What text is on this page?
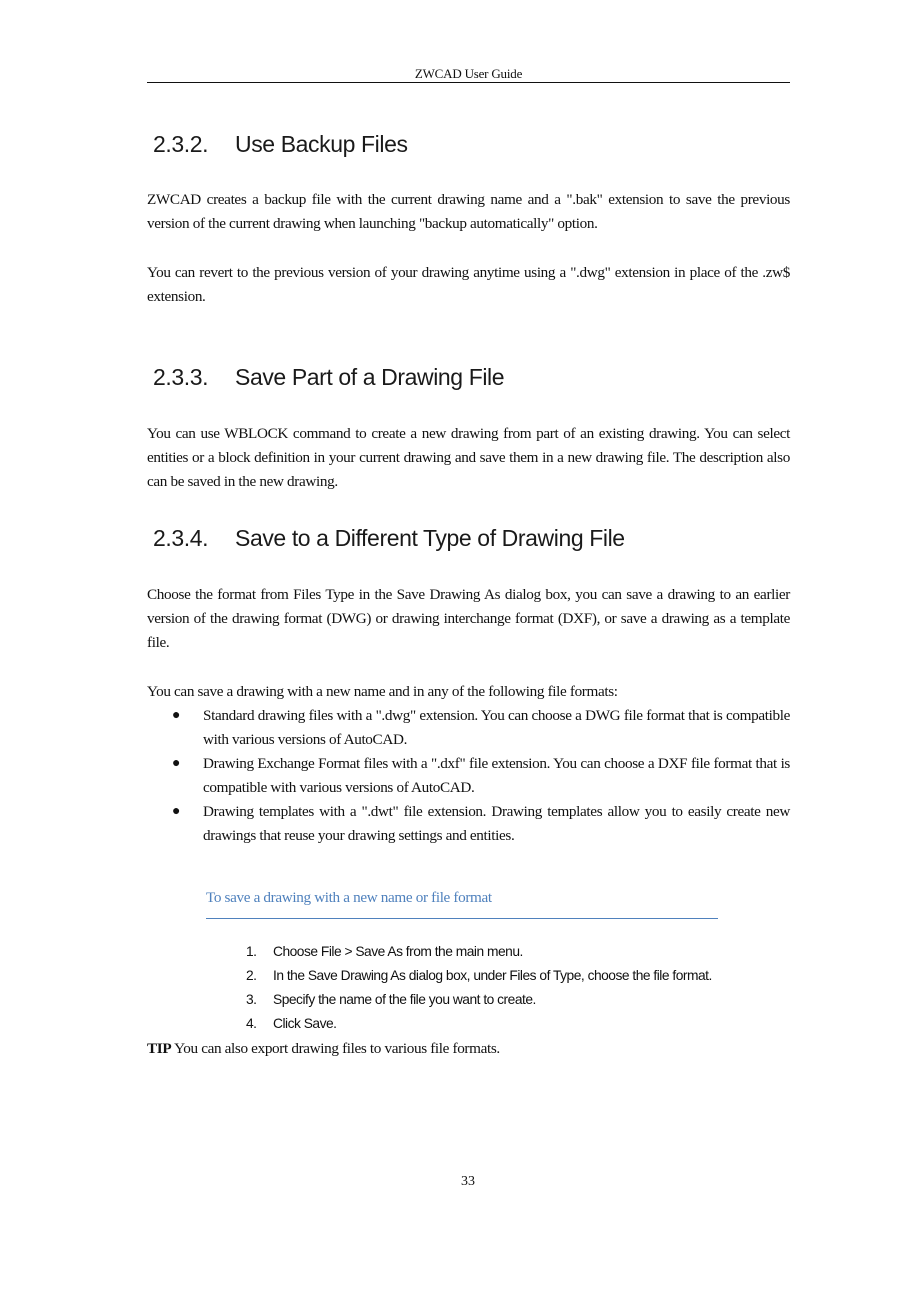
ZWCAD User Guide
2.3.2. Use Backup Files

ZWCAD creates a backup file with the current drawing name and a ".bak" extension to save the previous version of the current drawing when launching "backup automatically" option.

You can revert to the previous version of your drawing anytime using a ".dwg" extension in place of the .zw$ extension.

2.3.3. Save Part of a Drawing File

You can use WBLOCK command to create a new drawing from part of an existing drawing. You can select entities or a block definition in your current drawing and save them in a new drawing file. The description also can be saved in the new drawing.

2.3.4. Save to a Different Type of Drawing File

Choose the format from Files Type in the Save Drawing As dialog box, you can save a drawing to an earlier version of the drawing format (DWG) or drawing interchange format (DXF), or save a drawing as a template file.

You can save a drawing with a new name and in any of the following file formats:

● Standard drawing files with a ".dwg" extension. You can choose a DWG file format that is compatible with various versions of AutoCAD.
● Drawing Exchange Format files with a ".dxf" file extension. You can choose a DXF file format that is compatible with various versions of AutoCAD.
● Drawing templates with a ".dwt" file extension. Drawing templates allow you to easily create new drawings that reuse your drawing settings and entities.
To save a drawing with a new name or file format
1. Choose File > Save As from the main menu.
2. In the Save Drawing As dialog box, under Files of Type, choose the file format.
3. Specify the name of the file you want to create.
4. Click Save.
TIP You can also export drawing files to various file formats.
33
